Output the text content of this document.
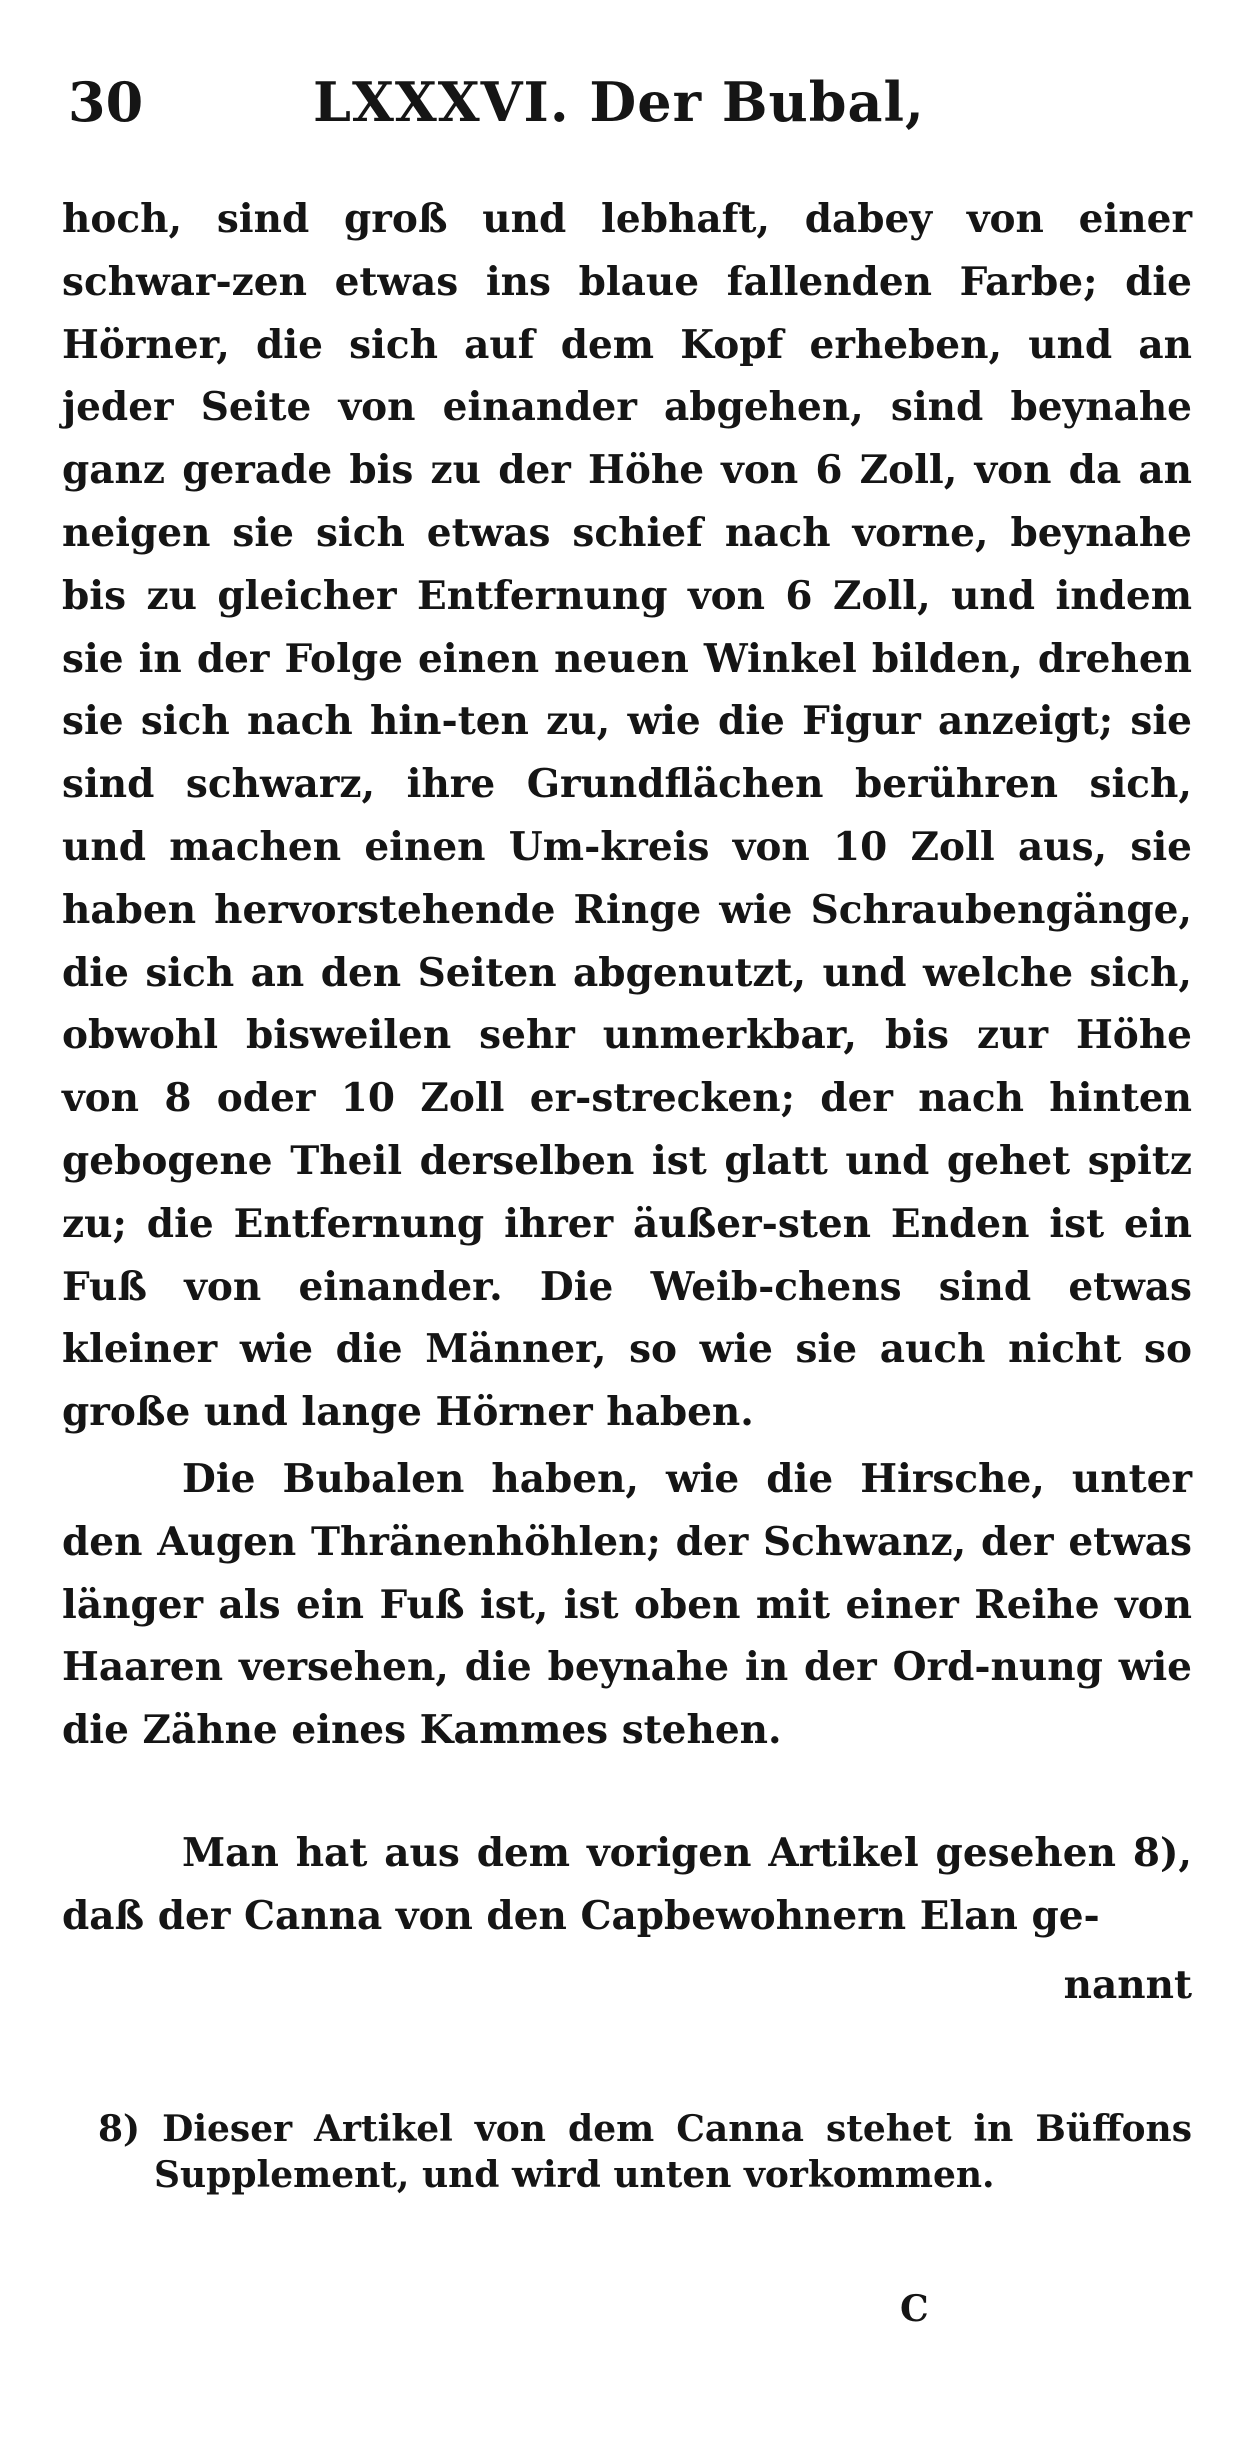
30	LXXXVI. Der Bubal,
hoch, sind groß und lebhaft, dabey von einer schwar-zen etwas ins blaue fallenden Farbe; die Hörner, die sich auf dem Kopf erheben, und an jeder Seite von einander abgehen, sind beynahe ganz gerade bis zu der Höhe von 6 Zoll, von da an neigen sie sich etwas schief nach vorne, beynahe bis zu gleicher Entfernung von 6 Zoll, und indem sie in der Folge einen neuen Winkel bilden, drehen sie sich nach hin-ten zu, wie die Figur anzeigt; sie sind schwarz, ihre Grundflächen berühren sich, und machen einen Um-kreis von 10 Zoll aus, sie haben hervorstehende Ringe wie Schraubengänge, die sich an den Seiten abgenutzt, und welche sich, obwohl bisweilen sehr unmerkbar, bis zur Höhe von 8 oder 10 Zoll er-strecken; der nach hinten gebogene Theil derselben ist glatt und gehet spitz zu; die Entfernung ihrer äußer-sten Enden ist ein Fuß von einander. Die Weib-chens sind etwas kleiner wie die Männer, so wie sie auch nicht so große und lange Hörner haben.
Die Bubalen haben, wie die Hirsche, unter den Augen Thränenhöhlen; der Schwanz, der etwas länger als ein Fuß ist, ist oben mit einer Reihe von Haaren versehen, die beynahe in der Ord-nung wie die Zähne eines Kammes stehen.
Man hat aus dem vorigen Artikel gesehen 8), daß der Canna von den Capbewohnern Elan ge-
nannt
8) Dieser Artikel von dem Canna stehet in Büffons Supplement, und wird unten vorkommen.
C
